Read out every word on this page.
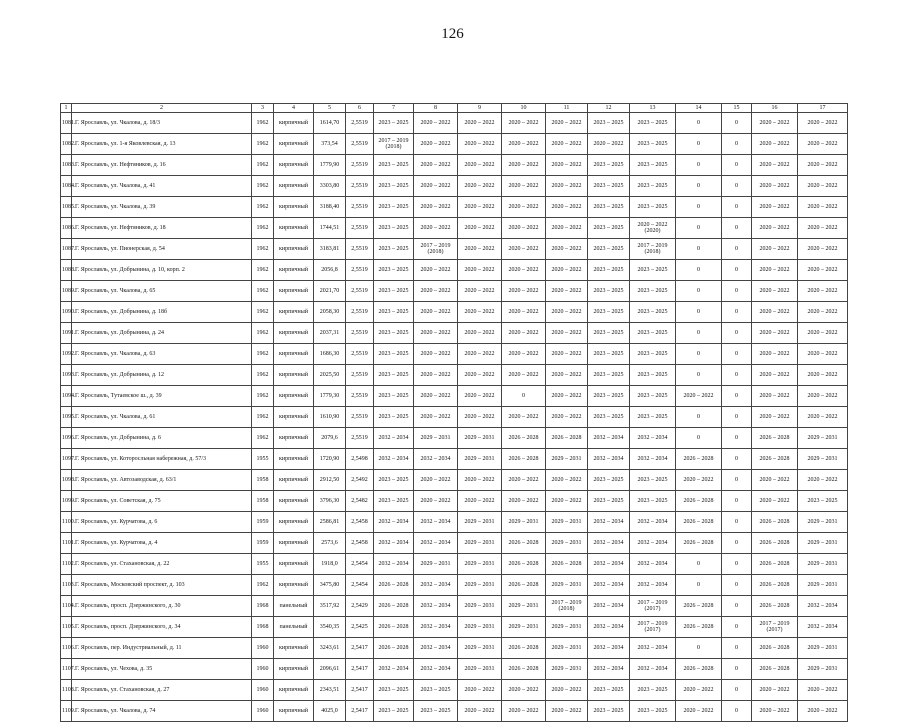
126
1	2	3	4	5	6	7	8	9	10	11	12	13	14	15	16	17
1081.	Г. Ярославль, ул. Чкалова, д. 18/3	1962	кирпичный	1614,70	2,5519	2023 – 2025	2020 – 2022	2020 – 2022	2020 – 2022	2020 – 2022	2023 – 2025	2023 – 2025	0	0	2020 – 2022	2020 – 2022
1082.	Г. Ярославль, ул. 1-я Яковлевская, д. 13	1962	кирпичный	373,54	2,5519	2017 – 2019 (2018)	2020 – 2022	2020 – 2022	2020 – 2022	2020 – 2022	2020 – 2022	2023 – 2025	0	0	2020 – 2022	2020 – 2022
1083.	Г. Ярославль, ул. Нефтяников, д. 16	1962	кирпичный	1779,90	2,5519	2023 – 2025	2020 – 2022	2020 – 2022	2020 – 2022	2020 – 2022	2023 – 2025	2023 – 2025	0	0	2020 – 2022	2020 – 2022
1084.	Г. Ярославль, ул. Чкалова, д. 41	1962	кирпичный	3303,80	2,5519	2023 – 2025	2020 – 2022	2020 – 2022	2020 – 2022	2020 – 2022	2023 – 2025	2023 – 2025	0	0	2020 – 2022	2020 – 2022
1085.	Г. Ярославль, ул. Чкалова, д. 39	1962	кирпичный	3188,40	2,5519	2023 – 2025	2020 – 2022	2020 – 2022	2020 – 2022	2020 – 2022	2023 – 2025	2023 – 2025	0	0	2020 – 2022	2020 – 2022
1086.	Г. Ярославль, ул. Нефтяников, д. 18	1962	кирпичный	1744,51	2,5519	2023 – 2025	2020 – 2022	2020 – 2022	2020 – 2022	2020 – 2022	2023 – 2025	2020 – 2022 (2020)	0	0	2020 – 2022	2020 – 2022
1087.	Г. Ярославль, ул. Пионерская, д. 54	1962	кирпичный	3183,81	2,5519	2023 – 2025	2017 – 2019 (2018)	2020 – 2022	2020 – 2022	2020 – 2022	2023 – 2025	2017 – 2019 (2018)	0	0	2020 – 2022	2020 – 2022
1088.	Г. Ярославль, ул. Добрынина, д. 10, корп. 2	1962	кирпичный	2056,8	2,5519	2023 – 2025	2020 – 2022	2020 – 2022	2020 – 2022	2020 – 2022	2023 – 2025	2023 – 2025	0	0	2020 – 2022	2020 – 2022
1089.	Г. Ярославль, ул. Чкалова, д. 65	1962	кирпичный	2021,70	2,5519	2023 – 2025	2020 – 2022	2020 – 2022	2020 – 2022	2020 – 2022	2023 – 2025	2023 – 2025	0	0	2020 – 2022	2020 – 2022
1090.	Г. Ярославль, ул. Добрынина, д. 18б	1962	кирпичный	2058,30	2,5519	2023 – 2025	2020 – 2022	2020 – 2022	2020 – 2022	2020 – 2022	2023 – 2025	2023 – 2025	0	0	2020 – 2022	2020 – 2022
1091.	Г. Ярославль, ул. Добрынина, д. 24	1962	кирпичный	2037,31	2,5519	2023 – 2025	2020 – 2022	2020 – 2022	2020 – 2022	2020 – 2022	2023 – 2025	2023 – 2025	0	0	2020 – 2022	2020 – 2022
1092.	Г. Ярославль, ул. Чкалова, д. 63	1962	кирпичный	1686,30	2,5519	2023 – 2025	2020 – 2022	2020 – 2022	2020 – 2022	2020 – 2022	2023 – 2025	2023 – 2025	0	0	2020 – 2022	2020 – 2022
1093.	Г. Ярославль, ул. Добрынина, д. 12	1962	кирпичный	2025,50	2,5519	2023 – 2025	2020 – 2022	2020 – 2022	2020 – 2022	2020 – 2022	2023 – 2025	2023 – 2025	0	0	2020 – 2022	2020 – 2022
1094.	Г. Ярославль, Тутаевское ш., д. 39	1962	кирпичный	1779,30	2,5519	2023 – 2025	2020 – 2022	2020 – 2022	0	2020 – 2022	2023 – 2025	2023 – 2025	2020 – 2022	0	2020 – 2022	2020 – 2022
1095.	Г. Ярославль, ул. Чкалова, д. 61	1962	кирпичный	1610,90	2,5519	2023 – 2025	2020 – 2022	2020 – 2022	2020 – 2022	2020 – 2022	2023 – 2025	2023 – 2025	0	0	2020 – 2022	2020 – 2022
1096.	Г. Ярославль, ул. Добрынина, д. 6	1962	кирпичный	2079,6	2,5519	2032 – 2034	2029 – 2031	2029 – 2031	2026 – 2028	2026 – 2028	2032 – 2034	2032 – 2034	0	0	2026 – 2028	2029 – 2031
1097.	Г. Ярославль, ул. Которосльная набережная, д. 57/3	1955	кирпичный	1720,90	2,5498	2032 – 2034	2032 – 2034	2029 – 2031	2026 – 2028	2029 – 2031	2032 – 2034	2032 – 2034	2026 – 2028	0	2026 – 2028	2029 – 2031
1098.	Г. Ярославль, ул. Автозаводская, д. 63/1	1958	кирпичный	2912,50	2,5492	2023 – 2025	2020 – 2022	2020 – 2022	2020 – 2022	2020 – 2022	2023 – 2025	2023 – 2025	2020 – 2022	0	2020 – 2022	2020 – 2022
1099.	Г. Ярославль, ул. Советская, д. 75	1958	кирпичный	3796,30	2,5482	2023 – 2025	2020 – 2022	2020 – 2022	2020 – 2022	2020 – 2022	2023 – 2025	2023 – 2025	2026 – 2028	0	2020 – 2022	2023 – 2025
1100.	Г. Ярославль, ул. Курчатова, д. 6	1959	кирпичный	2586,81	2,5458	2032 – 2034	2032 – 2034	2029 – 2031	2029 – 2031	2029 – 2031	2032 – 2034	2032 – 2034	2026 – 2028	0	2026 – 2028	2029 – 2031
1101.	Г. Ярославль, ул. Курчатова, д. 4	1959	кирпичный	2573,6	2,5458	2032 – 2034	2032 – 2034	2029 – 2031	2026 – 2028	2029 – 2031	2032 – 2034	2032 – 2034	2026 – 2028	0	2026 – 2028	2029 – 2031
1102.	Г. Ярославль, ул. Стахановская, д. 22	1955	кирпичный	1918,0	2,5454	2032 – 2034	2029 – 2031	2029 – 2031	2026 – 2028	2026 – 2028	2032 – 2034	2032 – 2034	0	0	2026 – 2028	2029 – 2031
1103.	Г. Ярославль, Московский проспект, д. 103	1962	кирпичный	3475,80	2,5454	2026 – 2028	2032 – 2034	2029 – 2031	2026 – 2028	2029 – 2031	2032 – 2034	2032 – 2034	0	0	2026 – 2028	2029 – 2031
1104.	Г. Ярославль, просп. Дзержинского, д. 30	1968	панельный	3517,92	2,5429	2026 – 2028	2032 – 2034	2029 – 2031	2029 – 2031	2017 – 2019 (2018)	2032 – 2034	2017 – 2019 (2017)	2026 – 2028	0	2026 – 2028	2032 – 2034
1105.	Г. Ярославль, просп. Дзержинского, д. 34	1968	панельный	3540,35	2,5425	2026 – 2028	2032 – 2034	2029 – 2031	2029 – 2031	2029 – 2031	2032 – 2034	2017 – 2019 (2017)	2026 – 2028	0	2017 – 2019 (2017)	2032 – 2034
1106.	Г. Ярославль, пер. Индустриальный, д. 11	1960	кирпичный	3243,61	2,5417	2026 – 2028	2032 – 2034	2029 – 2031	2026 – 2028	2029 – 2031	2032 – 2034	2032 – 2034	0	0	2026 – 2028	2029 – 2031
1107.	Г. Ярославль, ул. Чехова, д. 35	1960	кирпичный	2096,61	2,5417	2032 – 2034	2032 – 2034	2029 – 2031	2026 – 2028	2029 – 2031	2032 – 2034	2032 – 2034	2026 – 2028	0	2026 – 2028	2029 – 2031
1108.	Г. Ярославль, ул. Стахановская, д. 27	1960	кирпичный	2343,51	2,5417	2023 – 2025	2023 – 2025	2020 – 2022	2020 – 2022	2020 – 2022	2023 – 2025	2023 – 2025	2020 – 2022	0	2020 – 2022	2020 – 2022
1109.	Г. Ярославль, ул. Чкалова, д. 74	1960	кирпичный	4025,0	2,5417	2023 – 2025	2023 – 2025	2020 – 2022	2020 – 2022	2020 – 2022	2023 – 2025	2023 – 2025	2020 – 2022	0	2020 – 2022	2020 – 2022
